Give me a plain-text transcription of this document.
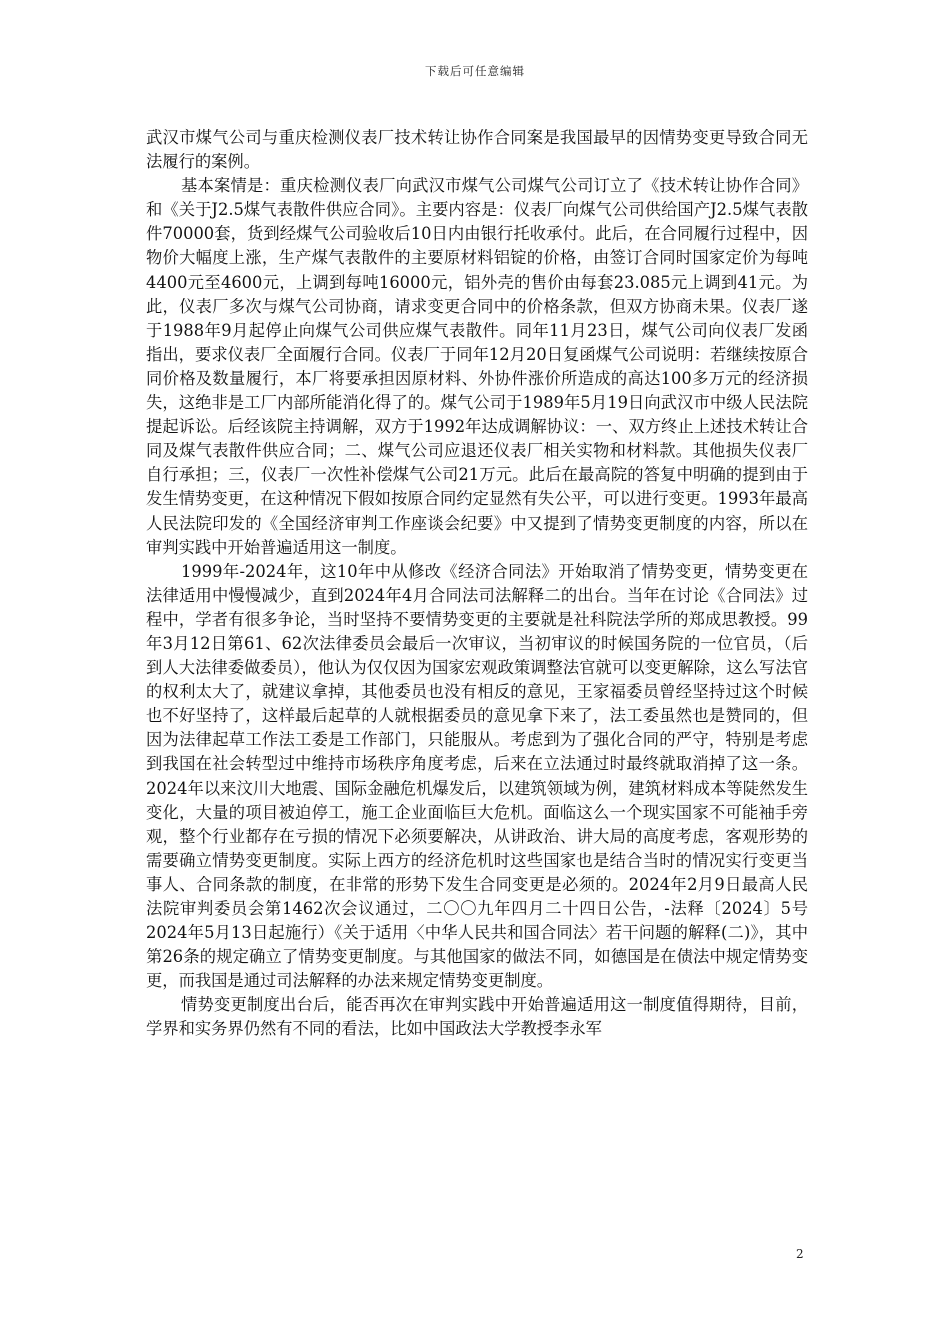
下载后可任意编辑

武汉市煤气公司与重庆检测仪表厂技术转让协作合同案是我国最早的因情势变更导致合同无法履行的案例。

基本案情是：重庆检测仪表厂向武汉市煤气公司煤气公司订立了《技术转让协作合同》和《关于J2.5煤气表散件供应合同》。主要内容是：仪表厂向煤气公司供给国产J2.5煤气表散件70000套，货到经煤气公司验收后10日内由银行托收承付。此后，在合同履行过程中，因物价大幅度上涨，生产煤气表散件的主要原材料铝锭的价格，由签订合同时国家定价为每吨4400元至4600元，上调到每吨16000元，铝外壳的售价由每套23.085元上调到41元。为此，仪表厂多次与煤气公司协商，请求变更合同中的价格条款，但双方协商未果。仪表厂遂于1988年9月起停止向煤气公司供应煤气表散件。同年11月23日，煤气公司向仪表厂发函指出，要求仪表厂全面履行合同。仪表厂于同年12月20日复函煤气公司说明：若继续按原合同价格及数量履行，本厂将要承担因原材料、外协件涨价所造成的高达100多万元的经济损失，这绝非是工厂内部所能消化得了的。煤气公司于1989年5月19日向武汉市中级人民法院提起诉讼。后经该院主持调解，双方于1992年达成调解协议：一、双方终止上述技术转让合同及煤气表散件供应合同；二、煤气公司应退还仪表厂相关实物和材料款。其他损失仪表厂自行承担；三，仪表厂一次性补偿煤气公司21万元。此后在最高院的答复中明确的提到由于发生情势变更，在这种情况下假如按原合同约定显然有失公平，可以进行变更。1993年最高人民法院印发的《全国经济审判工作座谈会纪要》中又提到了情势变更制度的内容，所以在审判实践中开始普遍适用这一制度。

1999年-2024年，这10年中从修改《经济合同法》开始取消了情势变更，情势变更在法律适用中慢慢减少，直到2024年4月合同法司法解释二的出台。当年在讨论《合同法》过程中，学者有很多争论，当时坚持不要情势变更的主要就是社科院法学所的郑成思教授。99年3月12日第61、62次法律委员会最后一次审议，当初审议的时候国务院的一位官员，（后到人大法律委做委员），他认为仅仅因为国家宏观政策调整法官就可以变更解除，这么写法官的权利太大了，就建议拿掉，其他委员也没有相反的意见，王家福委员曾经坚持过这个时候也不好坚持了，这样最后起草的人就根据委员的意见拿下来了，法工委虽然也是赞同的，但因为法律起草工作法工委是工作部门，只能服从。考虑到为了强化合同的严守，特别是考虑到我国在社会转型过中维持市场秩序角度考虑，后来在立法通过时最终就取消掉了这一条。2024年以来汶川大地震、国际金融危机爆发后，以建筑领域为例，建筑材料成本等陡然发生变化，大量的项目被迫停工，施工企业面临巨大危机。面临这么一个现实国家不可能袖手旁观，整个行业都存在亏损的情况下必须要解决，从讲政治、讲大局的高度考虑，客观形势的需要确立情势变更制度。实际上西方的经济危机时这些国家也是结合当时的情况实行变更当事人、合同条款的制度，在非常的形势下发生合同变更是必须的。2024年2月9日最高人民法院审判委员会第1462次会议通过，二〇〇九年四月二十四日公告，-法释〔2024〕5号2024年5月13日起施行）《关于适用〈中华人民共和国合同法〉若干问题的解释(二)》，其中第26条的规定确立了情势变更制度。与其他国家的做法不同，如德国是在债法中规定情势变更，而我国是通过司法解释的办法来规定情势变更制度。

情势变更制度出台后，能否再次在审判实践中开始普遍适用这一制度值得期待，目前，学界和实务界仍然有不同的看法，比如中国政法大学教授李永军

2
